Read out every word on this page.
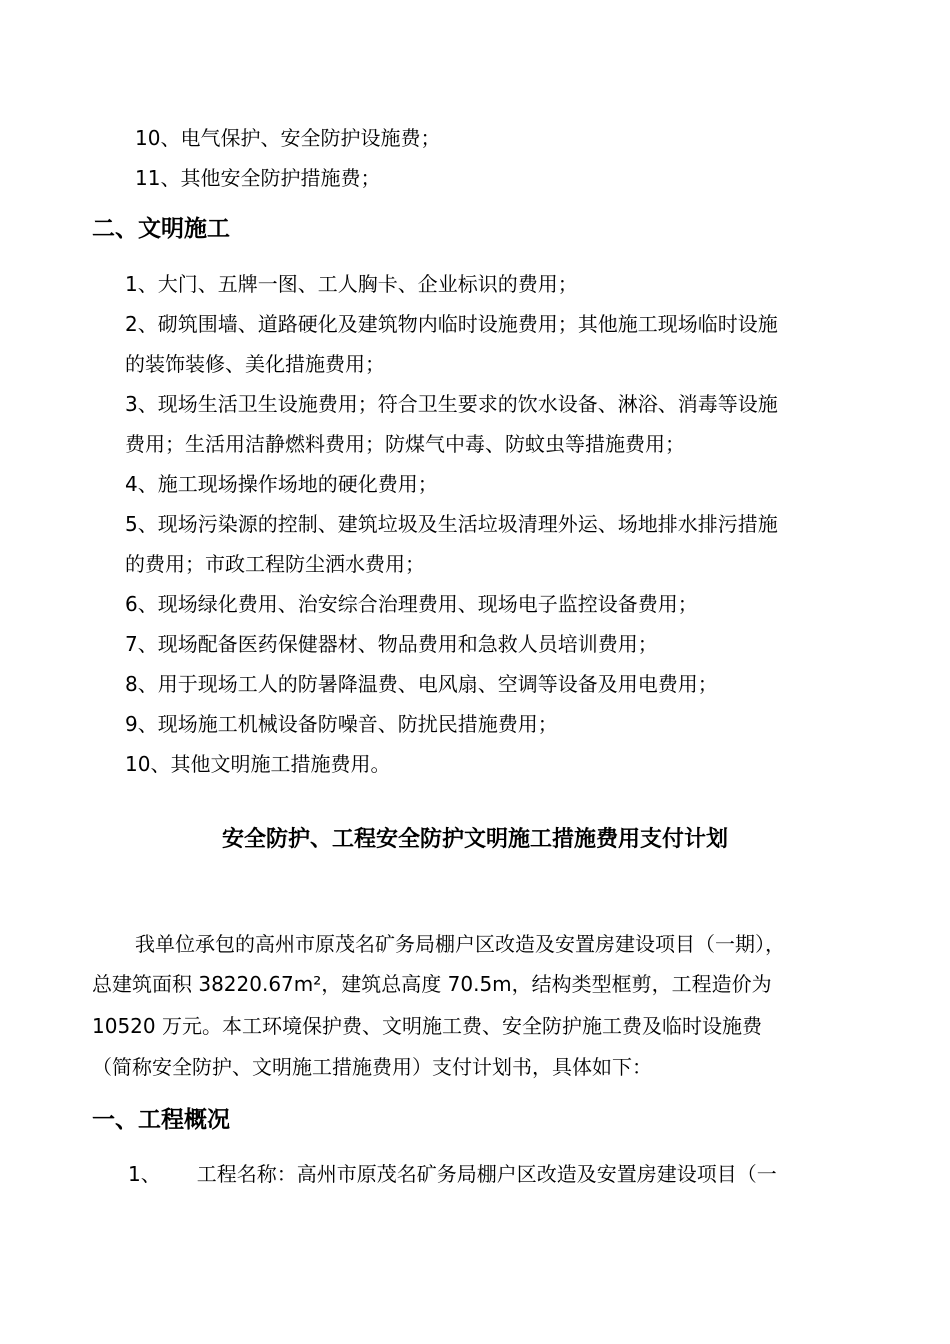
10、电气保护、安全防护设施费；
11、其他安全防护措施费；
二、文明施工
1、大门、五牌一图、工人胸卡、企业标识的费用；
2、砌筑围墙、道路硬化及建筑物内临时设施费用；其他施工现场临时设施
的装饰装修、美化措施费用；
3、现场生活卫生设施费用；符合卫生要求的饮水设备、淋浴、消毒等设施
费用；生活用洁静燃料费用；防煤气中毒、防蚊虫等措施费用；
4、施工现场操作场地的硬化费用；
5、现场污染源的控制、建筑垃圾及生活垃圾清理外运、场地排水排污措施
的费用；市政工程防尘洒水费用；
6、现场绿化费用、治安综合治理费用、现场电子监控设备费用；
7、现场配备医药保健器材、物品费用和急救人员培训费用；
8、用于现场工人的防暑降温费、电风扇、空调等设备及用电费用；
9、现场施工机械设备防噪音、防扰民措施费用；
10、其他文明施工措施费用。
安全防护、工程安全防护文明施工措施费用支付计划
我单位承包的高州市原茂名矿务局棚户区改造及安置房建设项目（一期），
总建筑面积 38220.67m²，建筑总高度 70.5m，结构类型框剪，工程造价为
10520 万元。本工环境保护费、文明施工费、安全防护施工费及临时设施费
（简称安全防护、文明施工措施费用）支付计划书，具体如下：
一、工程概况
1、 工程名称：高州市原茂名矿务局棚户区改造及安置房建设项目（一
